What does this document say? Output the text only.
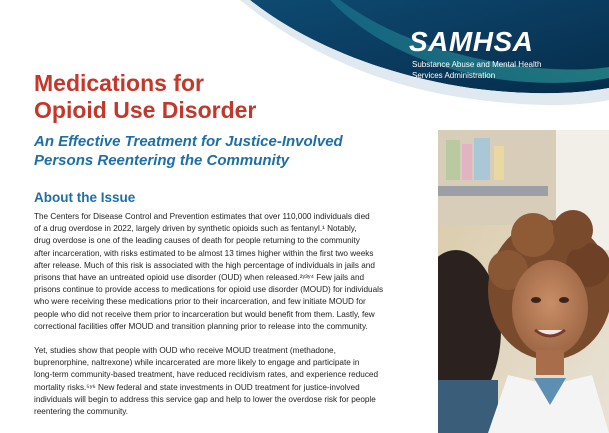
SAMHSA
Substance Abuse and Mental Health
Services Administration
Medications for
Opioid Use Disorder
An Effective Treatment for Justice-Involved
Persons Reentering the Community
About the Issue

The Centers for Disease Control and Prevention estimates that over 110,000 individuals died
of a drug overdose in 2022, largely driven by synthetic opioids such as fentanyl.¹ Notably,
drug overdose is one of the leading causes of death for people returning to the community
after incarceration, with risks estimated to be almost 13 times higher within the first two weeks
after release. Much of this risk is associated with the high percentage of individuals in jails and
prisons that have an untreated opioid use disorder (OUD) when released.²ʸ³ʸ⁴ Few jails and
prisons continue to provide access to medications for opioid use disorder (MOUD) for individuals
who were receiving these medications prior to their incarceration, and few initiate MOUD for
people who did not receive them prior to incarceration but would benefit from them. Lastly, few
correctional facilities offer MOUD and transition planning prior to release into the community.

Yet, studies show that people with OUD who receive MOUD treatment (methadone,
buprenorphine, naltrexone) while incarcerated are more likely to engage and participate in
long-term community-based treatment, have reduced recidivism rates, and experience reduced
mortality risks.⁵ʸ⁶ New federal and state investments in OUD treatment for justice-involved
individuals will begin to address this service gap and help to lower the overdose risk for people
reentering the community.
